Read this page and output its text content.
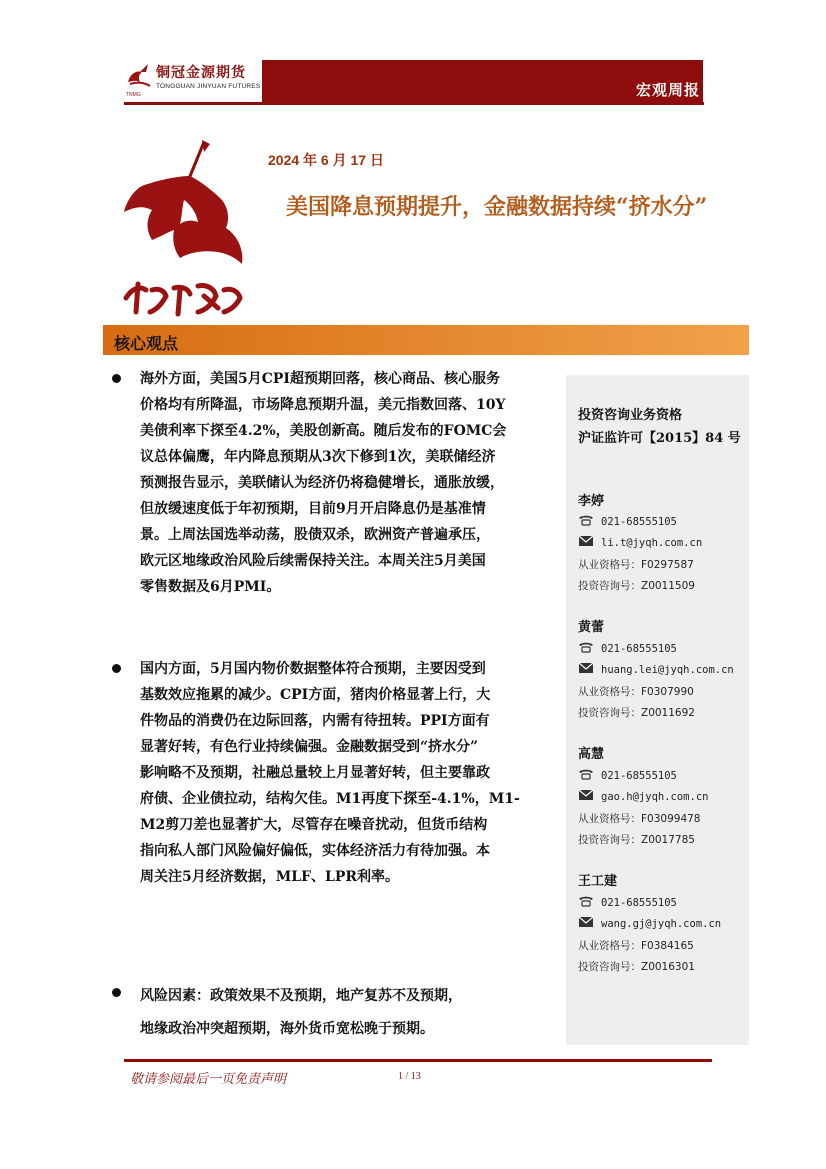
铜冠金源期货
TONGGUAN JINYUAN FUTURES
TNMG	宏观周报
2024 年 6 月 17 日
美国降息预期提升，金融数据持续“挤水分”
核心观点
海外方面，美国5月CPI超预期回落，核心商品、核心服务
价格均有所降温，市场降息预期升温，美元指数回落、10Y
美债利率下探至4.2%，美股创新高。随后发布的FOMC会
议总体偏鹰，年内降息预期从3次下修到1次，美联储经济
预测报告显示，美联储认为经济仍将稳健增长，通胀放缓，
但放缓速度低于年初预期，目前9月开启降息仍是基准情
景。上周法国选举动荡，股债双杀，欧洲资产普遍承压，
欧元区地缘政治风险后续需保持关注。本周关注5月美国
零售数据及6月PMI。
国内方面，5月国内物价数据整体符合预期，主要因受到
基数效应拖累的减少。CPI方面，猪肉价格显著上行，大
件物品的消费仍在边际回落，内需有待扭转。PPI方面有
显著好转，有色行业持续偏强。金融数据受到“挤水分”
影响略不及预期，社融总量较上月显著好转，但主要靠政
府债、企业债拉动，结构欠佳。M1再度下探至-4.1%，M1-
M2剪刀差也显著扩大，尽管存在噪音扰动，但货币结构
指向私人部门风险偏好偏低，实体经济活力有待加强。本
周关注5月经济数据，MLF、LPR利率。
风险因素：政策效果不及预期，地产复苏不及预期，
地缘政治冲突超预期，海外货币宽松晚于预期。
投资咨询业务资格
沪证监许可【2015】84 号
李婷
021-68555105
li.t@jyqh.com.cn
从业资格号：F0297587
投资咨询号：Z0011509
黄蕾
021-68555105
huang.lei@jyqh.com.cn
从业资格号：F0307990
投资咨询号：Z0011692
高慧
021-68555105
gao.h@jyqh.com.cn
从业资格号：F03099478
投资咨询号：Z0017785
王工建
021-68555105
wang.gj@jyqh.com.cn
从业资格号：F0384165
投资咨询号：Z0016301
敬请参阅最后一页免责声明	1 / 13
